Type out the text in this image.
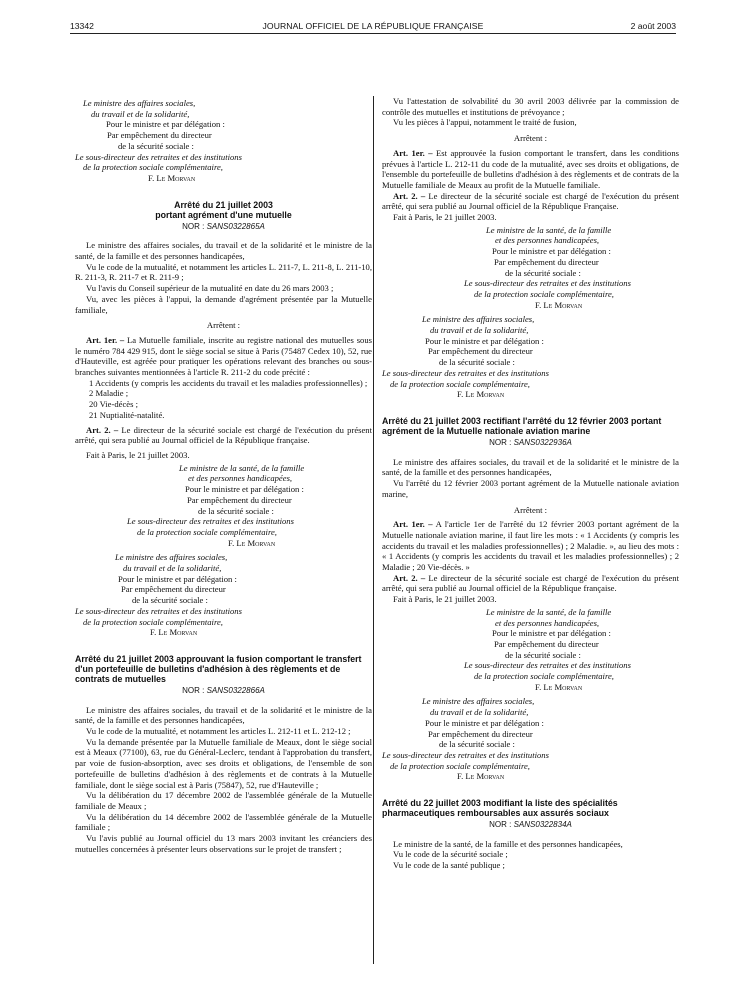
13342	JOURNAL OFFICIEL DE LA RÉPUBLIQUE FRANÇAISE	2 août 2003

Le ministre des affaires sociales,

du travail et de la solidarité,

Pour le ministre et par délégation :

Par empêchement du directeur

de la sécurité sociale :

Le sous-directeur des retraites et des institutions

de la protection sociale complémentaire,

F. Le Morvan

Arrêté du 21 juillet 2003

portant agrément d'une mutuelle

NOR : SANS0322865A

Le ministre des affaires sociales, du travail et de la solidarité et le ministre de la santé, de la famille et des personnes handicapées,

Vu le code de la mutualité, et notamment les articles L. 211-7, L. 211-8, L. 211-10, R. 211-3, R. 211-7 et R. 211-9 ;

Vu l'avis du Conseil supérieur de la mutualité en date du 26 mars 2003 ;

Vu, avec les pièces à l'appui, la demande d'agrément présentée par la Mutuelle familiale,

Arrêtent :

Art. 1er. – La Mutuelle familiale, inscrite au registre national des mutuelles sous le numéro 784 429 915, dont le siège social se situe à Paris (75487 Cedex 10), 52, rue d'Hauteville, est agréée pour pratiquer les opérations relevant des branches ou sous-branches suivantes mentionnées à l'article R. 211-2 du code précité :

1 Accidents (y compris les accidents du travail et les maladies professionnelles) ;

2 Maladie ;

20 Vie-décès ;

21 Nuptialité-natalité.

Art. 2. – Le directeur de la sécurité sociale est chargé de l'exécution du présent arrêté, qui sera publié au Journal officiel de la République française.

Fait à Paris, le 21 juillet 2003.

Le ministre de la santé, de la famille

et des personnes handicapées,

Pour le ministre et par délégation :

Par empêchement du directeur

de la sécurité sociale :

Le sous-directeur des retraites et des institutions

de la protection sociale complémentaire,

F. Le Morvan

Le ministre des affaires sociales,

du travail et de la solidarité,

Pour le ministre et par délégation :

Par empêchement du directeur

de la sécurité sociale :

Le sous-directeur des retraites et des institutions

de la protection sociale complémentaire,

F. Le Morvan

Arrêté du 21 juillet 2003 approuvant la fusion comportant le transfert d'un portefeuille de bulletins d'adhésion à des règlements et de contrats de mutuelles

NOR : SANS0322866A

Le ministre des affaires sociales, du travail et de la solidarité et le ministre de la santé, de la famille et des personnes handicapées,

Vu le code de la mutualité, et notamment les articles L. 212-11 et L. 212-12 ;

Vu la demande présentée par la Mutuelle familiale de Meaux, dont le siège social est à Meaux (77100), 63, rue du Général-Leclerc, tendant à l'approbation du transfert, par voie de fusion-absorption, avec ses droits et obligations, de l'ensemble de son portefeuille de bulletins d'adhésion à des règlements et de contrats à la Mutuelle familiale, dont le siège social est à Paris (75847), 52, rue d'Hauteville ;

Vu la délibération du 17 décembre 2002 de l'assemblée générale de la Mutuelle familiale de Meaux ;

Vu la délibération du 14 décembre 2002 de l'assemblée générale de la Mutuelle familiale ;

Vu l'avis publié au Journal officiel du 13 mars 2003 invitant les créanciers des mutuelles concernées à présenter leurs observations sur le projet de transfert ;

Vu l'attestation de solvabilité du 30 avril 2003 délivrée par la commission de contrôle des mutuelles et institutions de prévoyance ;

Vu les pièces à l'appui, notamment le traité de fusion,

Arrêtent :

Art. 1er. – Est approuvée la fusion comportant le transfert, dans les conditions prévues à l'article L. 212-11 du code de la mutualité, avec ses droits et obligations, de l'ensemble du portefeuille de bulletins d'adhésion à des règlements et de contrats de la Mutuelle familiale de Meaux au profit de la Mutuelle familiale.

Art. 2. – Le directeur de la sécurité sociale est chargé de l'exécution du présent arrêté, qui sera publié au Journal officiel de la République Française.

Fait à Paris, le 21 juillet 2003.

Le ministre de la santé, de la famille

et des personnes handicapées,

Pour le ministre et par délégation :

Par empêchement du directeur

de la sécurité sociale :

Le sous-directeur des retraites et des institutions

de la protection sociale complémentaire,

F. Le Morvan

Le ministre des affaires sociales,

du travail et de la solidarité,

Pour le ministre et par délégation :

Par empêchement du directeur

de la sécurité sociale :

Le sous-directeur des retraites et des institutions

de la protection sociale complémentaire,

F. Le Morvan

Arrêté du 21 juillet 2003 rectifiant l'arrêté du 12 février 2003 portant agrément de la Mutuelle nationale aviation marine

NOR : SANS0322936A

Le ministre des affaires sociales, du travail et de la solidarité et le ministre de la santé, de la famille et des personnes handicapées,

Vu l'arrêté du 12 février 2003 portant agrément de la Mutuelle nationale aviation marine,

Arrêtent :

Art. 1er. – A l'article 1er de l'arrêté du 12 février 2003 portant agrément de la Mutuelle nationale aviation marine, il faut lire les mots : « 1 Accidents (y compris les accidents du travail et les maladies professionnelles) ; 2 Maladie. », au lieu des mots : « 1 Accidents (y compris les accidents du travail et les maladies professionnelles) ; 2 Maladie ; 20 Vie-décès. »

Art. 2. – Le directeur de la sécurité sociale est chargé de l'exécution du présent arrêté, qui sera publié au Journal officiel de la République française.

Fait à Paris, le 21 juillet 2003.

Le ministre de la santé, de la famille

et des personnes handicapées,

Pour le ministre et par délégation :

Par empêchement du directeur

de la sécurité sociale :

Le sous-directeur des retraites et des institutions

de la protection sociale complémentaire,

F. Le Morvan

Le ministre des affaires sociales,

du travail et de la solidarité,

Pour le ministre et par délégation :

Par empêchement du directeur

de la sécurité sociale :

Le sous-directeur des retraites et des institutions

de la protection sociale complémentaire,

F. Le Morvan

Arrêté du 22 juillet 2003 modifiant la liste des spécialités pharmaceutiques remboursables aux assurés sociaux

NOR : SANS0322834A

Le ministre de la santé, de la famille et des personnes handicapées,

Vu le code de la sécurité sociale ;

Vu le code de la santé publique ;
